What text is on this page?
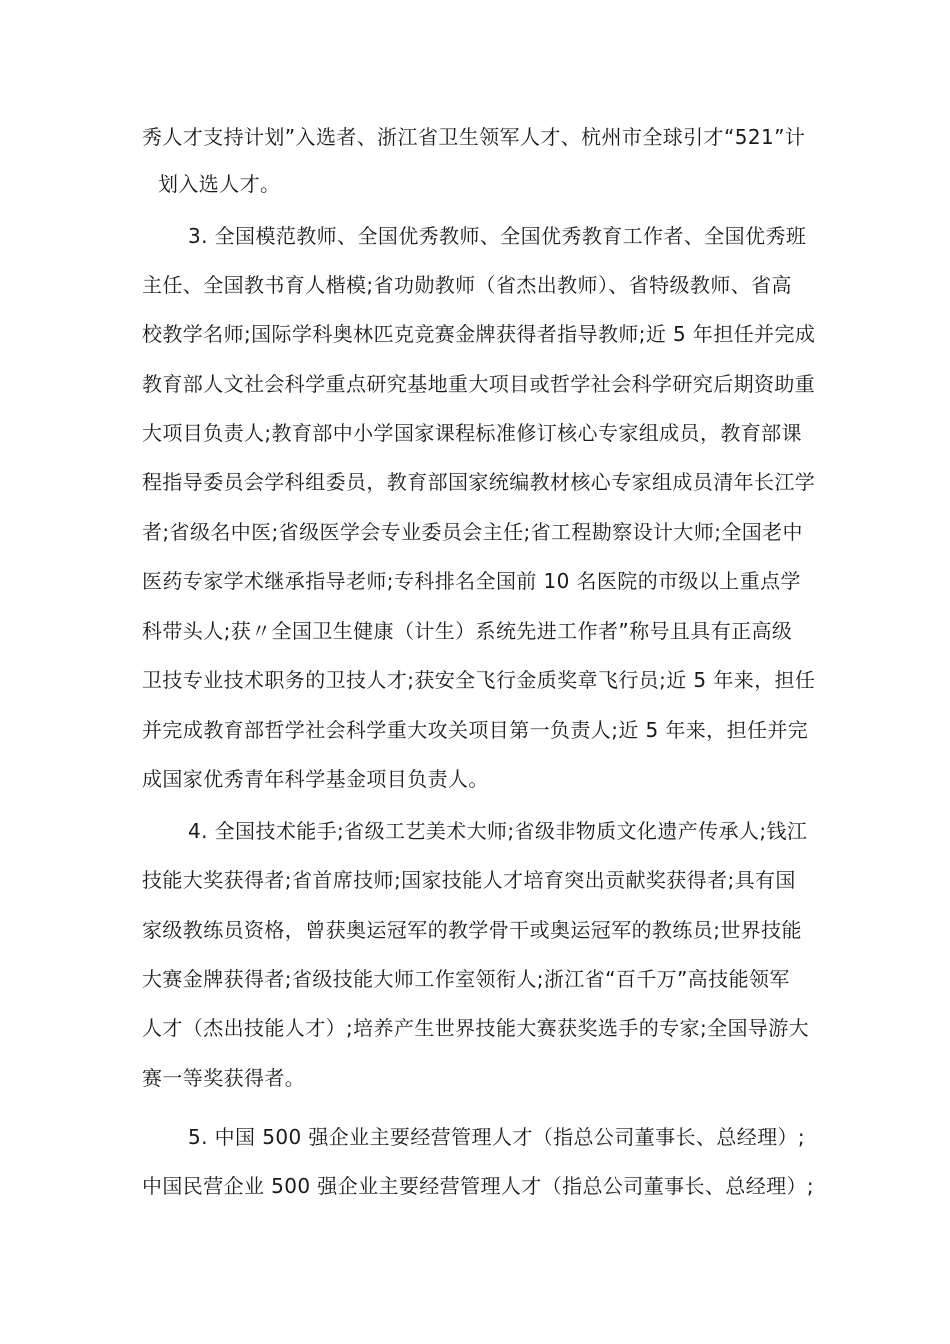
秀人才支持计划”入选者、浙江省卫生领军人才、杭州市全球引才“521”计
划入选人才。
3. 全国模范教师、全国优秀教师、全国优秀教育工作者、全国优秀班
主任、全国教书育人楷模;省功勋教师（省杰出教师）、省特级教师、省高
校教学名师;国际学科奥林匹克竞赛金牌获得者指导教师;近 5 年担任并完成
教育部人文社会科学重点研究基地重大项目或哲学社会科学研究后期资助重
大项目负责人;教育部中小学国家课程标准修订核心专家组成员，教育部课
程指导委员会学科组委员，教育部国家统编教材核心专家组成员清年长江学
者;省级名中医;省级医学会专业委员会主任;省工程勘察设计大师;全国老中
医药专家学术继承指导老师;专科排名全国前 10 名医院的市级以上重点学
科带头人;获〃全国卫生健康（计生）系统先进工作者”称号且具有正高级
卫技专业技术职务的卫技人才;获安全飞行金质奖章飞行员;近 5 年来，担任
并完成教育部哲学社会科学重大攻关项目第一负责人;近 5 年来，担任并完
成国家优秀青年科学基金项目负责人。
4. 全国技术能手;省级工艺美术大师;省级非物质文化遗产传承人;钱江
技能大奖获得者;省首席技师;国家技能人才培育突出贡献奖获得者;具有国
家级教练员资格，曾获奥运冠军的教学骨干或奥运冠军的教练员;世界技能
大赛金牌获得者;省级技能大师工作室领衔人;浙江省“百千万”高技能领军
人才（杰出技能人才）;培养产生世界技能大赛获奖选手的专家;全国导游大
赛一等奖获得者。
5. 中国 500 强企业主要经营管理人才（指总公司董事长、总经理）;
中国民营企业 500 强企业主要经营管理人才（指总公司董事长、总经理）;
